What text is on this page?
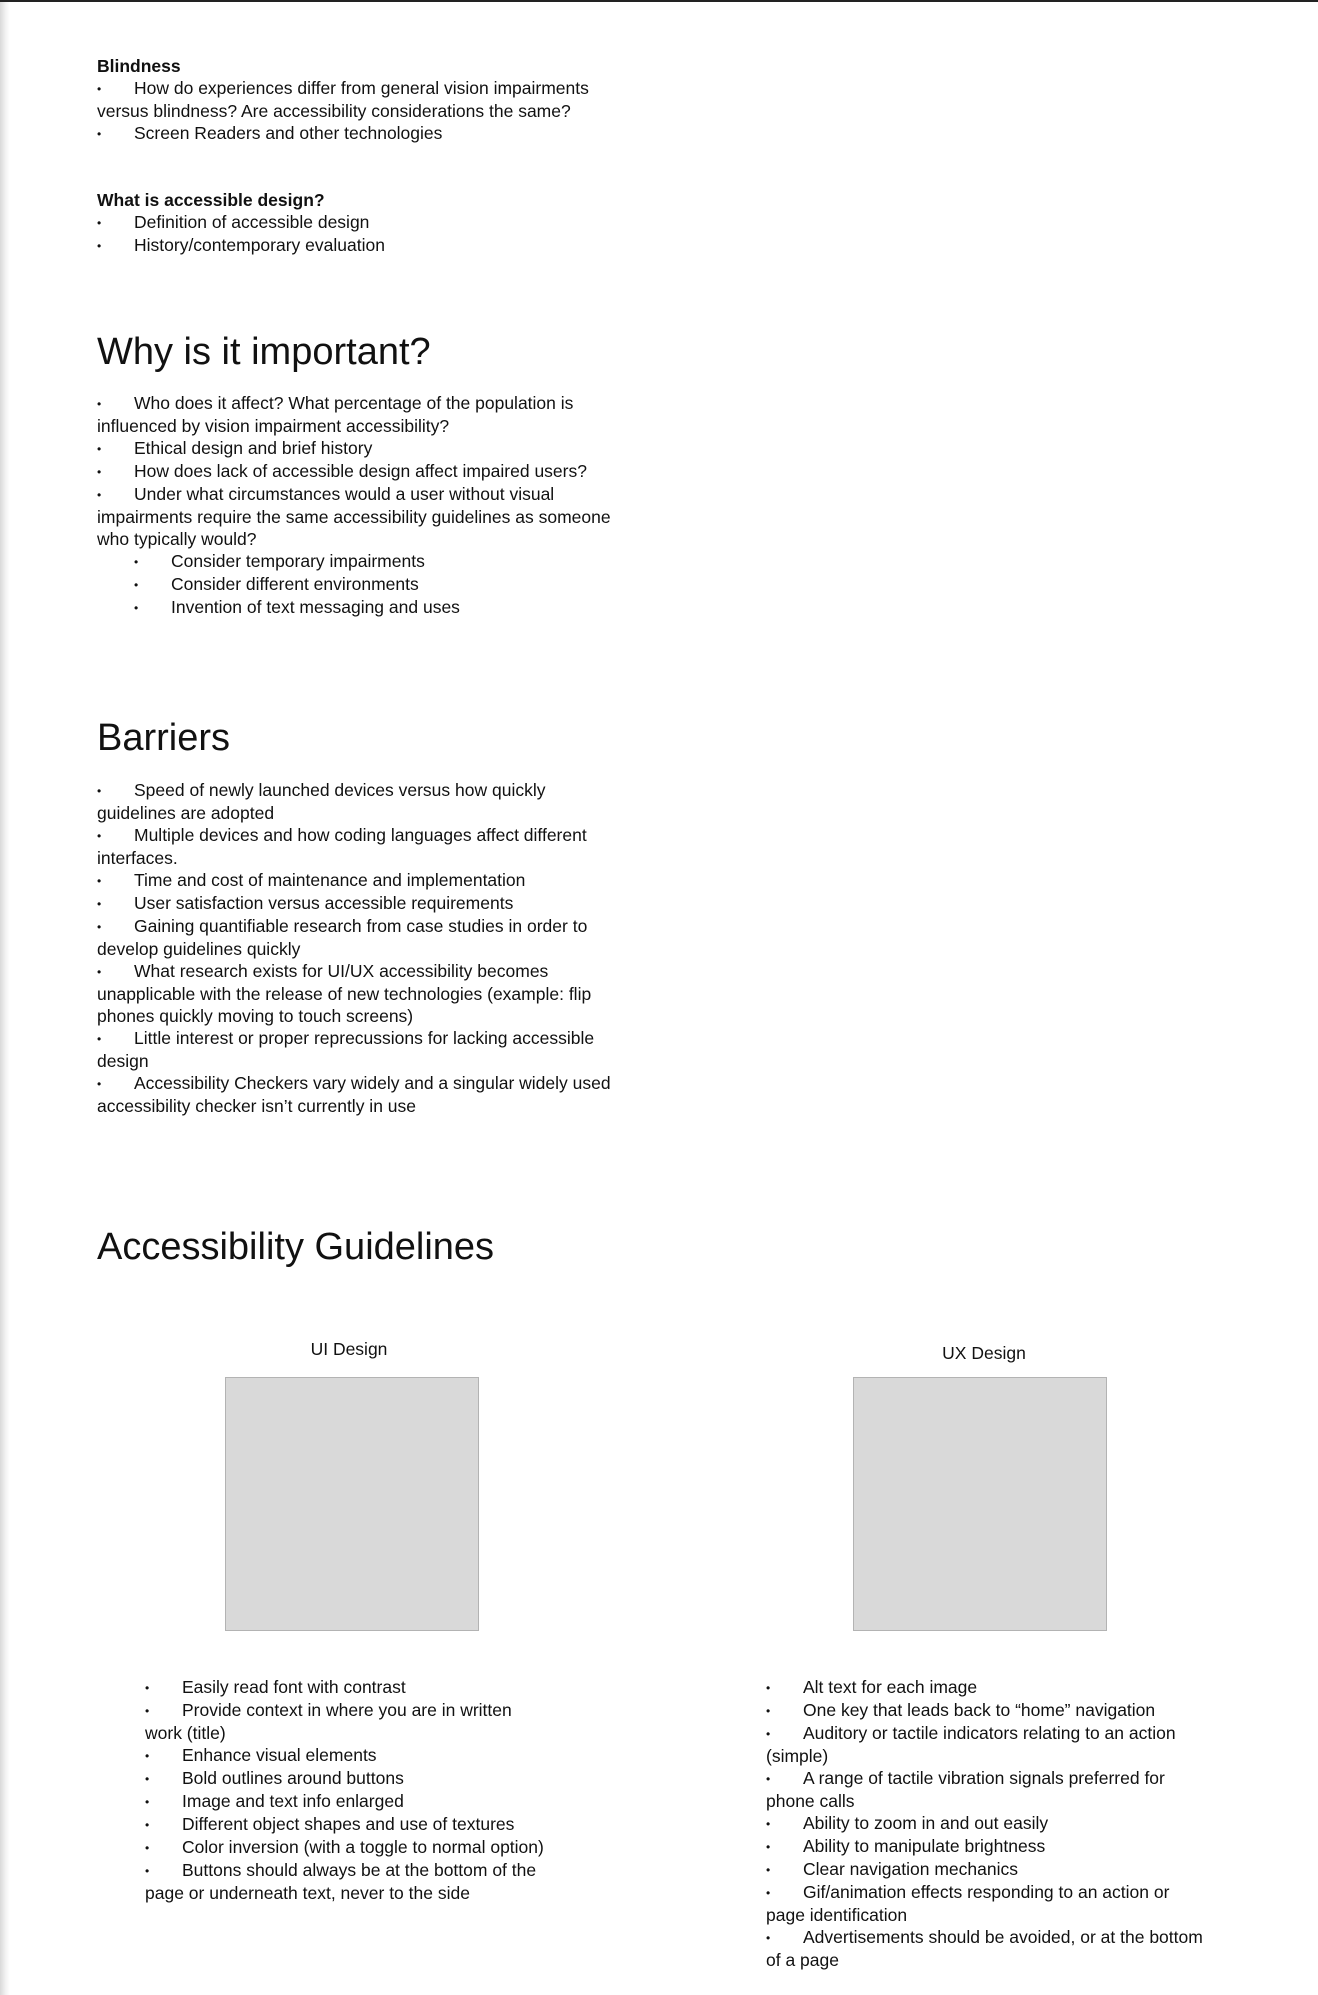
Blindness

• How do experiences differ from general vision impairments versus blindness? Are accessibility considerations the same?
• Screen Readers and other technologies

What is accessible design?

• Definition of accessible design
• History/contemporary evaluation
Why is it important?
• Who does it affect? What percentage of the population is influenced by vision impairment accessibility?
• Ethical design and brief history
• How does lack of accessible design affect impaired users?
• Under what circumstances would a user without visual impairments require the same accessibility guidelines as someone who typically would?
• Consider temporary impairments
• Consider different environments
• Invention of text messaging and uses
Barriers
• Speed of newly launched devices versus how quickly guidelines are adopted
• Multiple devices and how coding languages affect different interfaces.
• Time and cost of maintenance and implementation
• User satisfaction versus accessible requirements
• Gaining quantifiable research from case studies in order to develop guidelines quickly
• What research exists for UI/UX accessibility becomes unapplicable with the release of new technologies (example: flip phones quickly moving to touch screens)
• Little interest or proper reprecussions for lacking accessible design
• Accessibility Checkers vary widely and a singular widely used accessibility checker isn’t currently in use
Accessibility Guidelines
UI Design
• Easily read font with contrast
• Provide context in where you are in written work (title)
• Enhance visual elements
• Bold outlines around buttons
• Image and text info enlarged
• Different object shapes and use of textures
• Color inversion (with a toggle to normal option)
• Buttons should always be at the bottom of the page or underneath text, never to the side
UX Design
• Alt text for each image
• One key that leads back to “home” navigation
• Auditory or tactile indicators relating to an action (simple)
• A range of tactile vibration signals preferred for phone calls
• Ability to zoom in and out easily
• Ability to manipulate brightness
• Clear navigation mechanics
• Gif/animation effects responding to an action or page identification
• Advertisements should be avoided, or at the bottom of a page
